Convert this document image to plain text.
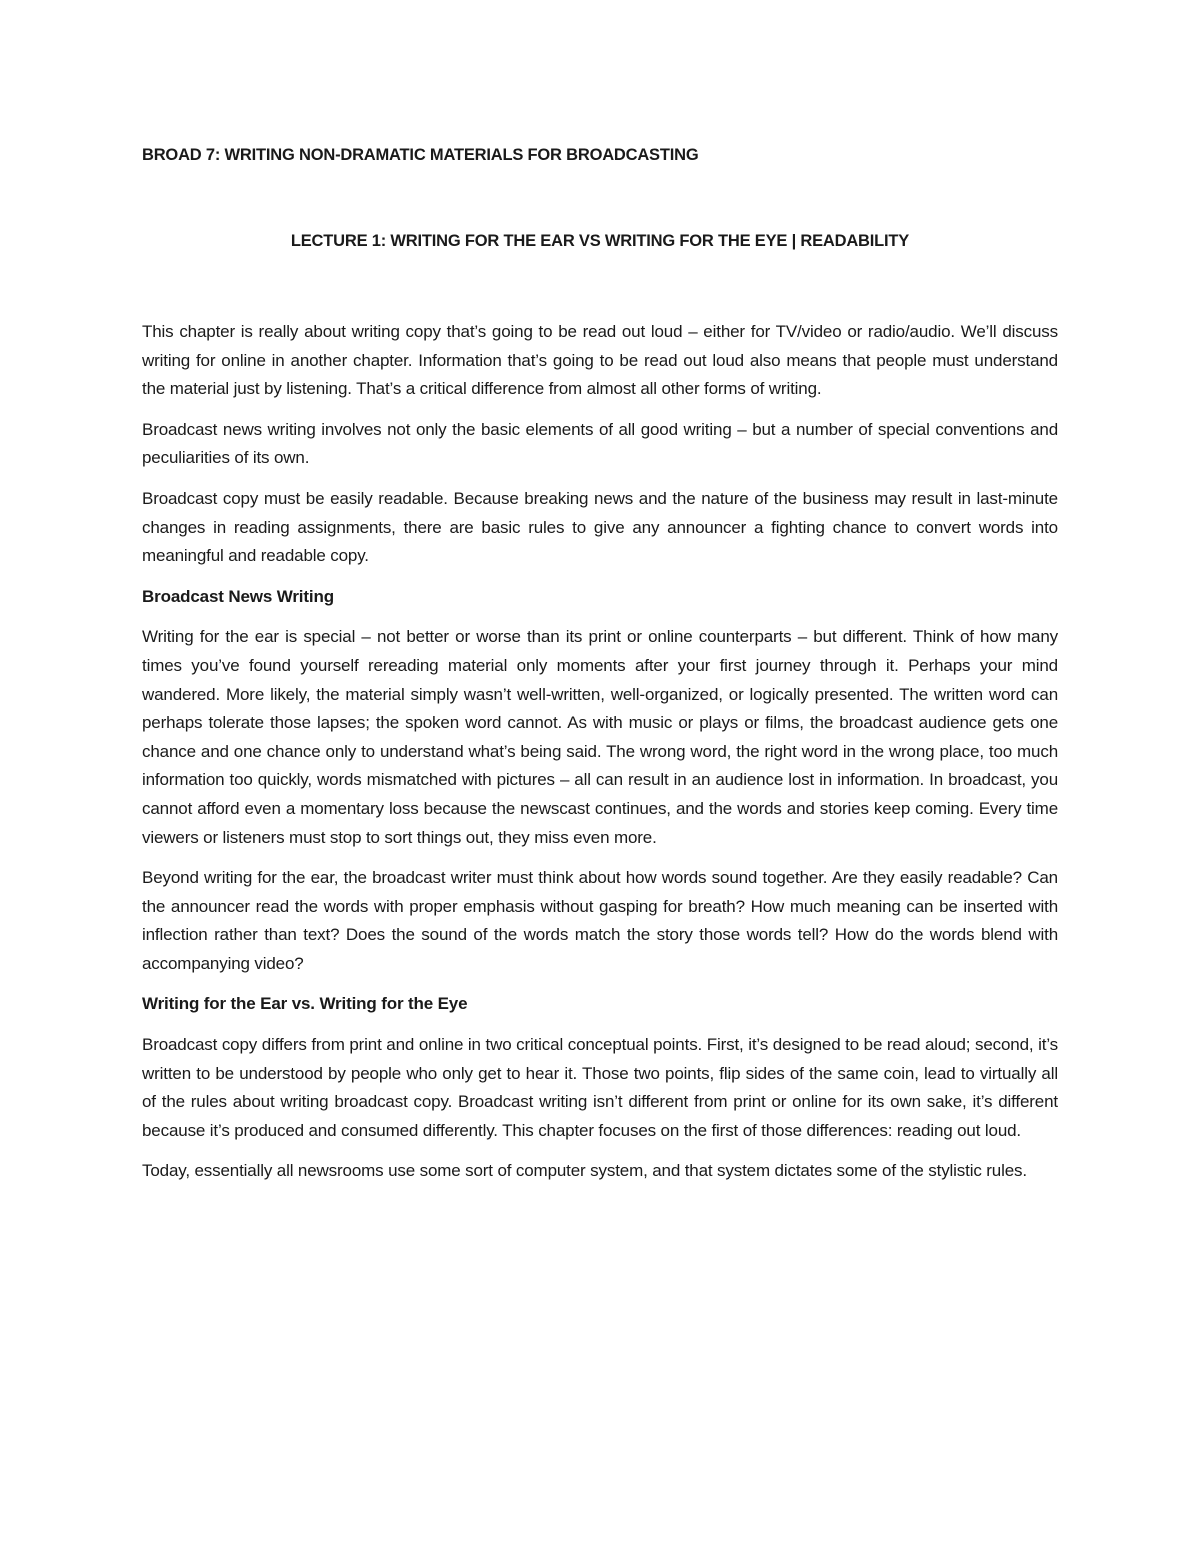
BROAD 7: WRITING NON-DRAMATIC MATERIALS FOR BROADCASTING
LECTURE 1: WRITING FOR THE EAR VS WRITING FOR THE EYE | READABILITY

This chapter is really about writing copy that’s going to be read out loud – either for TV/video or radio/audio. We’ll discuss writing for online in another chapter. Information that’s going to be read out loud also means that people must understand the material just by listening. That’s a critical difference from almost all other forms of writing.

Broadcast news writing involves not only the basic elements of all good writing – but a number of special conventions and peculiarities of its own.

Broadcast copy must be easily readable. Because breaking news and the nature of the business may result in last-minute changes in reading assignments, there are basic rules to give any announcer a fighting chance to convert words into meaningful and readable copy.

Broadcast News Writing

Writing for the ear is special – not better or worse than its print or online counterparts – but different. Think of how many times you’ve found yourself rereading material only moments after your first journey through it. Perhaps your mind wandered. More likely, the material simply wasn’t well-written, well-organized, or logically presented. The written word can perhaps tolerate those lapses; the spoken word cannot. As with music or plays or films, the broadcast audience gets one chance and one chance only to understand what’s being said. The wrong word, the right word in the wrong place, too much information too quickly, words mismatched with pictures – all can result in an audience lost in information. In broadcast, you cannot afford even a momentary loss because the newscast continues, and the words and stories keep coming. Every time viewers or listeners must stop to sort things out, they miss even more.

Beyond writing for the ear, the broadcast writer must think about how words sound together. Are they easily readable? Can the announcer read the words with proper emphasis without gasping for breath? How much meaning can be inserted with inflection rather than text? Does the sound of the words match the story those words tell? How do the words blend with accompanying video?

Writing for the Ear vs. Writing for the Eye

Broadcast copy differs from print and online in two critical conceptual points. First, it’s designed to be read aloud; second, it’s written to be understood by people who only get to hear it. Those two points, flip sides of the same coin, lead to virtually all of the rules about writing broadcast copy. Broadcast writing isn’t different from print or online for its own sake, it’s different because it’s produced and consumed differently. This chapter focuses on the first of those differences: reading out loud.

Today, essentially all newsrooms use some sort of computer system, and that system dictates some of the stylistic rules.
